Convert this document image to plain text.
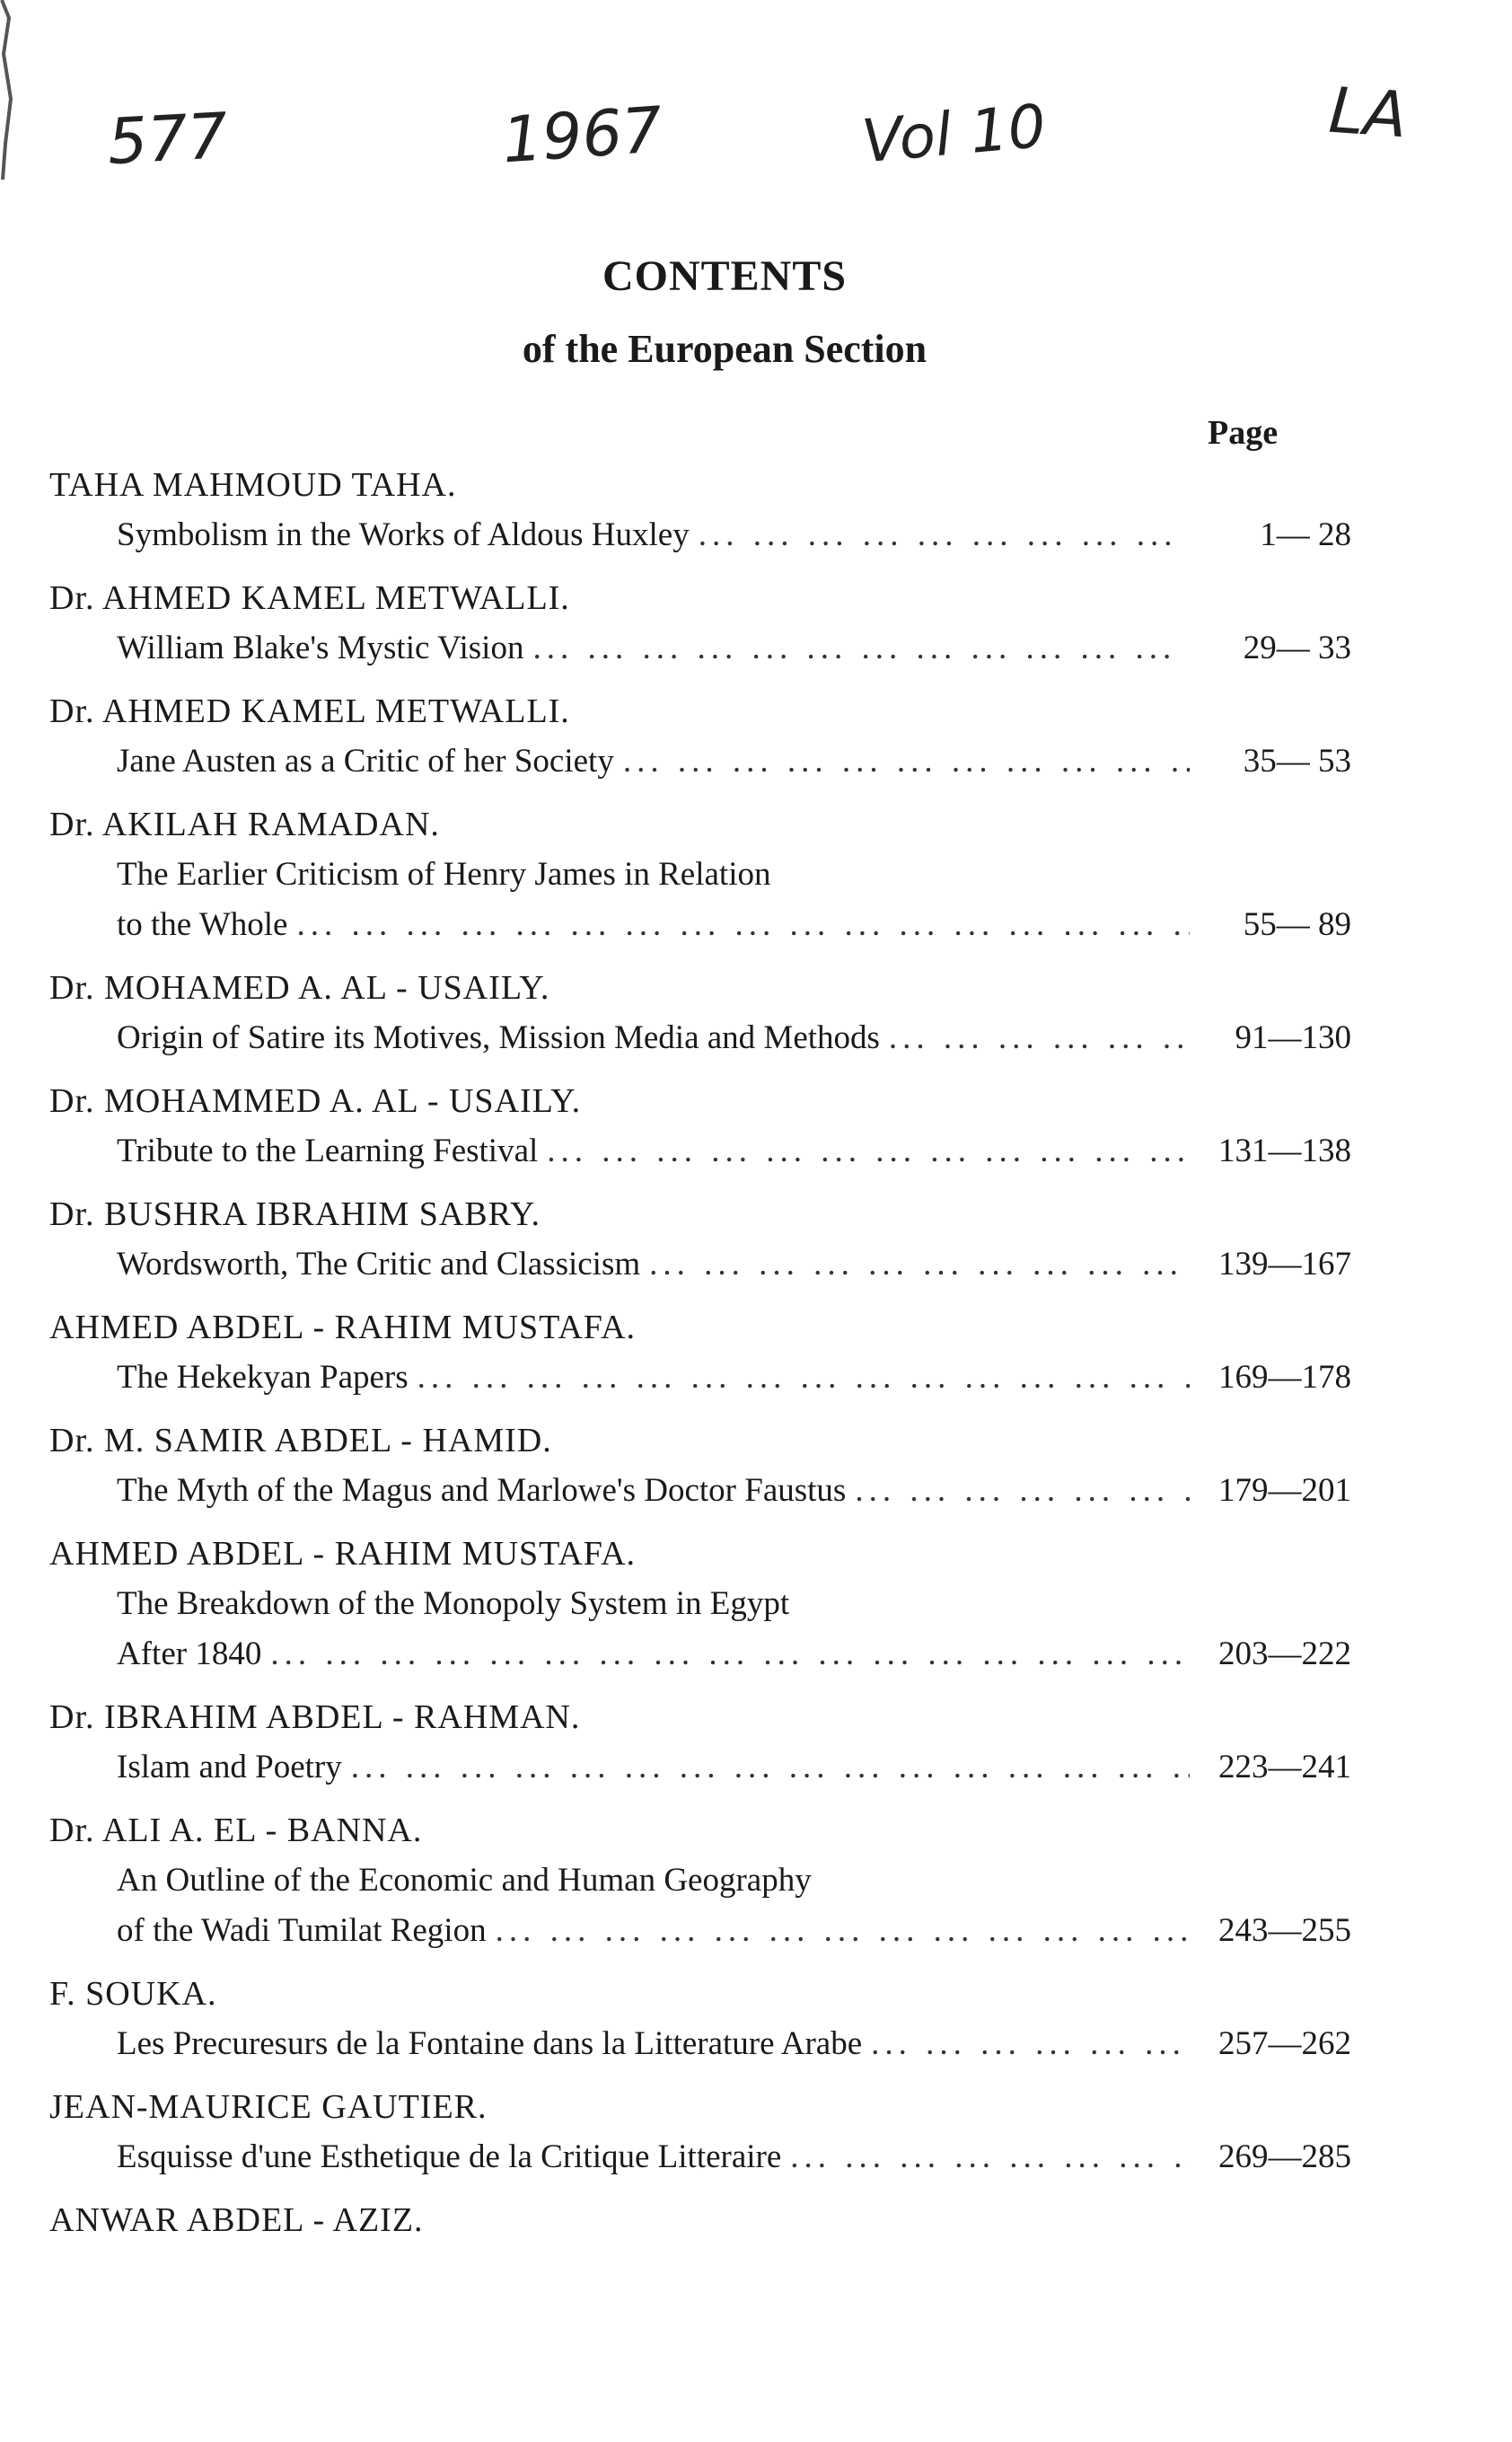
577	1967	Vol 10	LA
CONTENTS
of the European Section
Page
TAHA MAHMOUD TAHA.
Symbolism in the Works of Aldous Huxley ... .	1— 28
Dr. AHMED KAMEL METWALLI.
William Blake's Mystic Vision ... .	29— 33
Dr. AHMED KAMEL METWALLI.
Jane Austen as a Critic of her Society ... .	35— 53
Dr. AKILAH RAMADAN.
The Earlier Criticism of Henry James in Relation
to the Whole ... .	55— 89
Dr. MOHAMED A. AL - USAILY.
Origin of Satire its Motives, Mission Media and Methods ... .	91—130
Dr. MOHAMMED A. AL - USAILY.
Tribute to the Learning Festival ... .	131—138
Dr. BUSHRA IBRAHIM SABRY.
Wordsworth, The Critic and Classicism ... .	139—167
AHMED ABDEL - RAHIM MUSTAFA.
The Hekekyan Papers ... .	169—178
Dr. M. SAMIR ABDEL - HAMID.
The Myth of the Magus and Marlowe's Doctor Faustus ... .	179—201
AHMED ABDEL - RAHIM MUSTAFA.
The Breakdown of the Monopoly System in Egypt
After 1840 ... .	203—222
Dr. IBRAHIM ABDEL - RAHMAN.
Islam and Poetry ... .	223—241
Dr. ALI A. EL - BANNA.
An Outline of the Economic and Human Geography
of the Wadi Tumilat Region ... .	243—255
F. SOUKA.
Les Precuresurs de la Fontaine dans la Litterature Arabe ... .	257—262
JEAN-MAURICE GAUTIER.
Esquisse d'une Esthetique de la Critique Litteraire ... .	269—285
ANWAR ABDEL - AZIZ.
